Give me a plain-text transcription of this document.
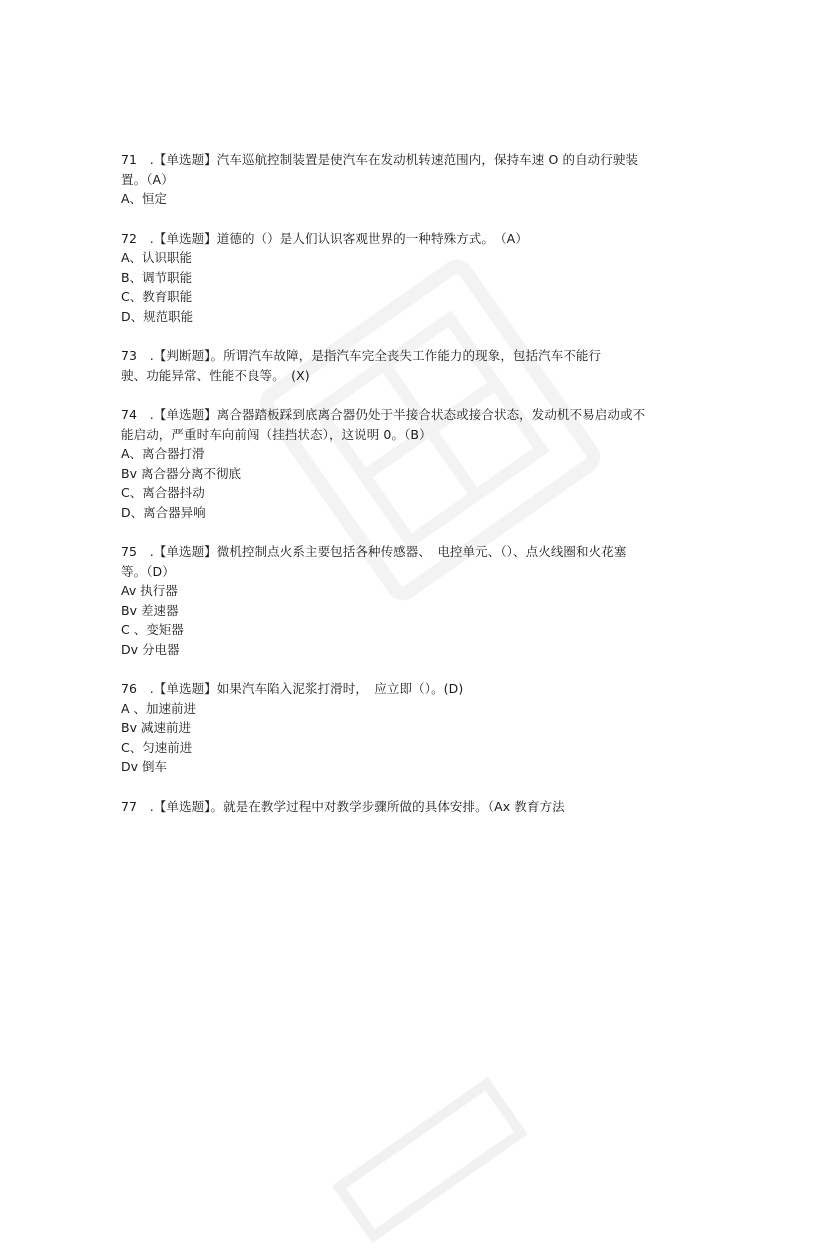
71　.【单选题】汽车巡航控制装置是使汽车在发动机转速范围内，保持车速 O 的自动行驶装

置。（A）

A、恒定

72　.【单选题】道德的（）是人们认识客观世界的一种特殊方式。　（A）

A、认识职能
B、调节职能
C、教育职能
D、规范职能

73　.【判断题】。所谓汽车故障，是指汽车完全丧失工作能力的现象，包括汽车不能行

驶、功能异常、性能不良等。　(X)

74　.【单选题】离合器踏板踩到底离合器仍处于半接合状态或接合状态，发动机不易启动或不

能启动，严重时车向前闯（挂挡状态），这说明 0。（B）

A、离合器打滑
Bv 离合器分离不彻底
C、离合器抖动
D、离合器异响

75　.【单选题】微机控制点火系主要包括各种传感器、　电控单元、（）、点火线圈和火花塞

等。（D）

Av 执行器
Bv 差速器
C 、变矩器
Dv 分电器

76　.【单选题】如果汽车陷入泥浆打滑时，　应立即（）。(D)

A 、加速前进
Bv 减速前进
C、匀速前进
Dv 倒车

77　.【单选题】。就是在教学过程中对教学步骤所做的具体安排。（Ax 教育方法
